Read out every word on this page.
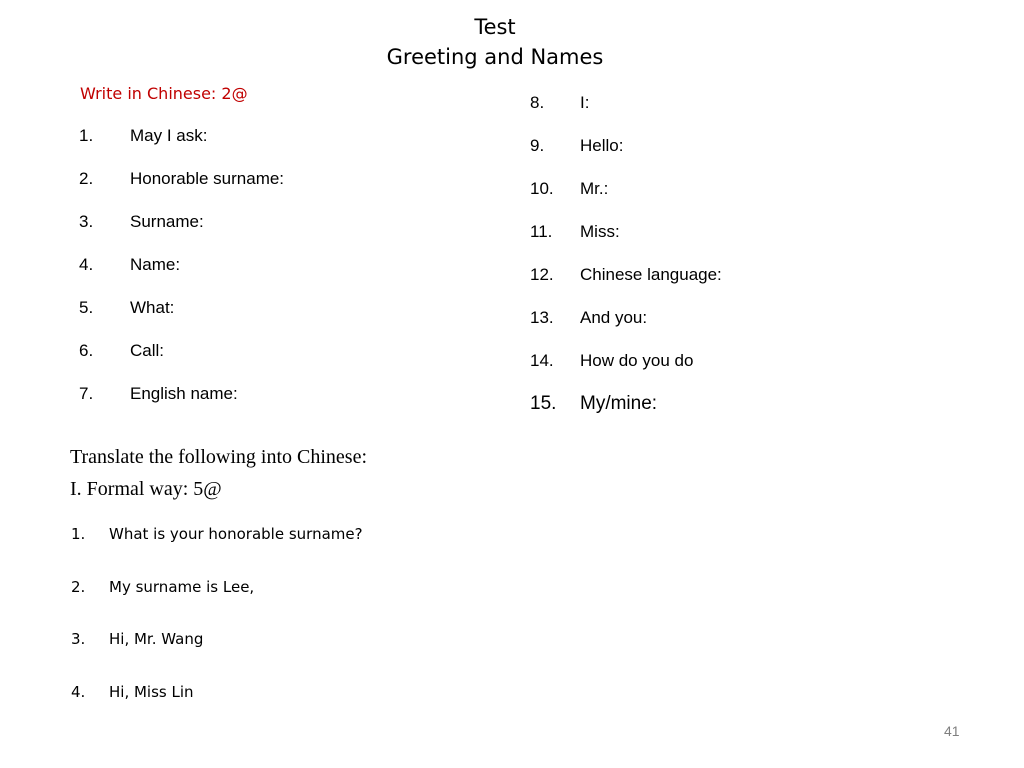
Test
Greeting and Names
Write in Chinese: 2@
1. May I ask:
2. Honorable surname:
3. Surname:
4. Name:
5. What:
6. Call:
7. English name:
8. I:
9. Hello:
10. Mr.:
11. Miss:
12. Chinese language:
13. And you:
14. How do you do
15. My/mine:
Translate the following into Chinese:
I. Formal way: 5@
1. What is your honorable surname?
2. My surname is Lee,
3. Hi, Mr. Wang
4. Hi, Miss Lin
41
